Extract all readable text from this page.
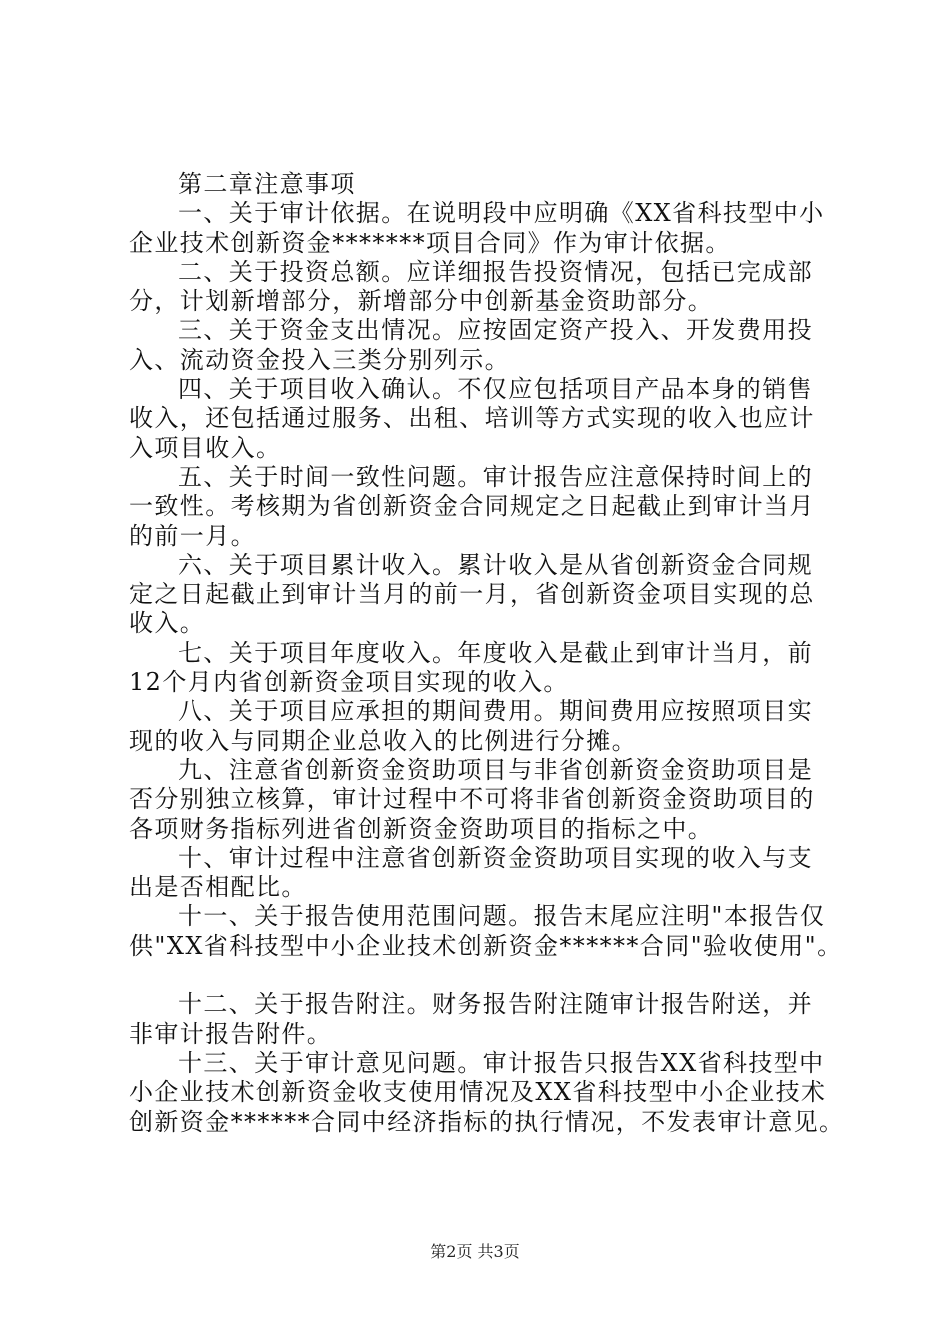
第二章注意事项
一、关于审计依据。在说明段中应明确《XX省科技型中小
企业技术创新资金*******项目合同》作为审计依据。
二、关于投资总额。应详细报告投资情况，包括已完成部
分，计划新增部分，新增部分中创新基金资助部分。
三、关于资金支出情况。应按固定资产投入、开发费用投
入、流动资金投入三类分别列示。
四、关于项目收入确认。不仅应包括项目产品本身的销售
收入，还包括通过服务、出租、培训等方式实现的收入也应计
入项目收入。
五、关于时间一致性问题。审计报告应注意保持时间上的
一致性。考核期为省创新资金合同规定之日起截止到审计当月
的前一月。
六、关于项目累计收入。累计收入是从省创新资金合同规
定之日起截止到审计当月的前一月，省创新资金项目实现的总
收入。
七、关于项目年度收入。年度收入是截止到审计当月，前
12个月内省创新资金项目实现的收入。
八、关于项目应承担的期间费用。期间费用应按照项目实
现的收入与同期企业总收入的比例进行分摊。
九、注意省创新资金资助项目与非省创新资金资助项目是
否分别独立核算，审计过程中不可将非省创新资金资助项目的
各项财务指标列进省创新资金资助项目的指标之中。
十、审计过程中注意省创新资金资助项目实现的收入与支
出是否相配比。
十一、关于报告使用范围问题。报告末尾应注明"本报告仅
供"XX省科技型中小企业技术创新资金******合同"验收使用"。
十二、关于报告附注。财务报告附注随审计报告附送，并
非审计报告附件。
十三、关于审计意见问题。审计报告只报告XX省科技型中
小企业技术创新资金收支使用情况及XX省科技型中小企业技术
创新资金******合同中经济指标的执行情况，不发表审计意见。
第2页 共3页
